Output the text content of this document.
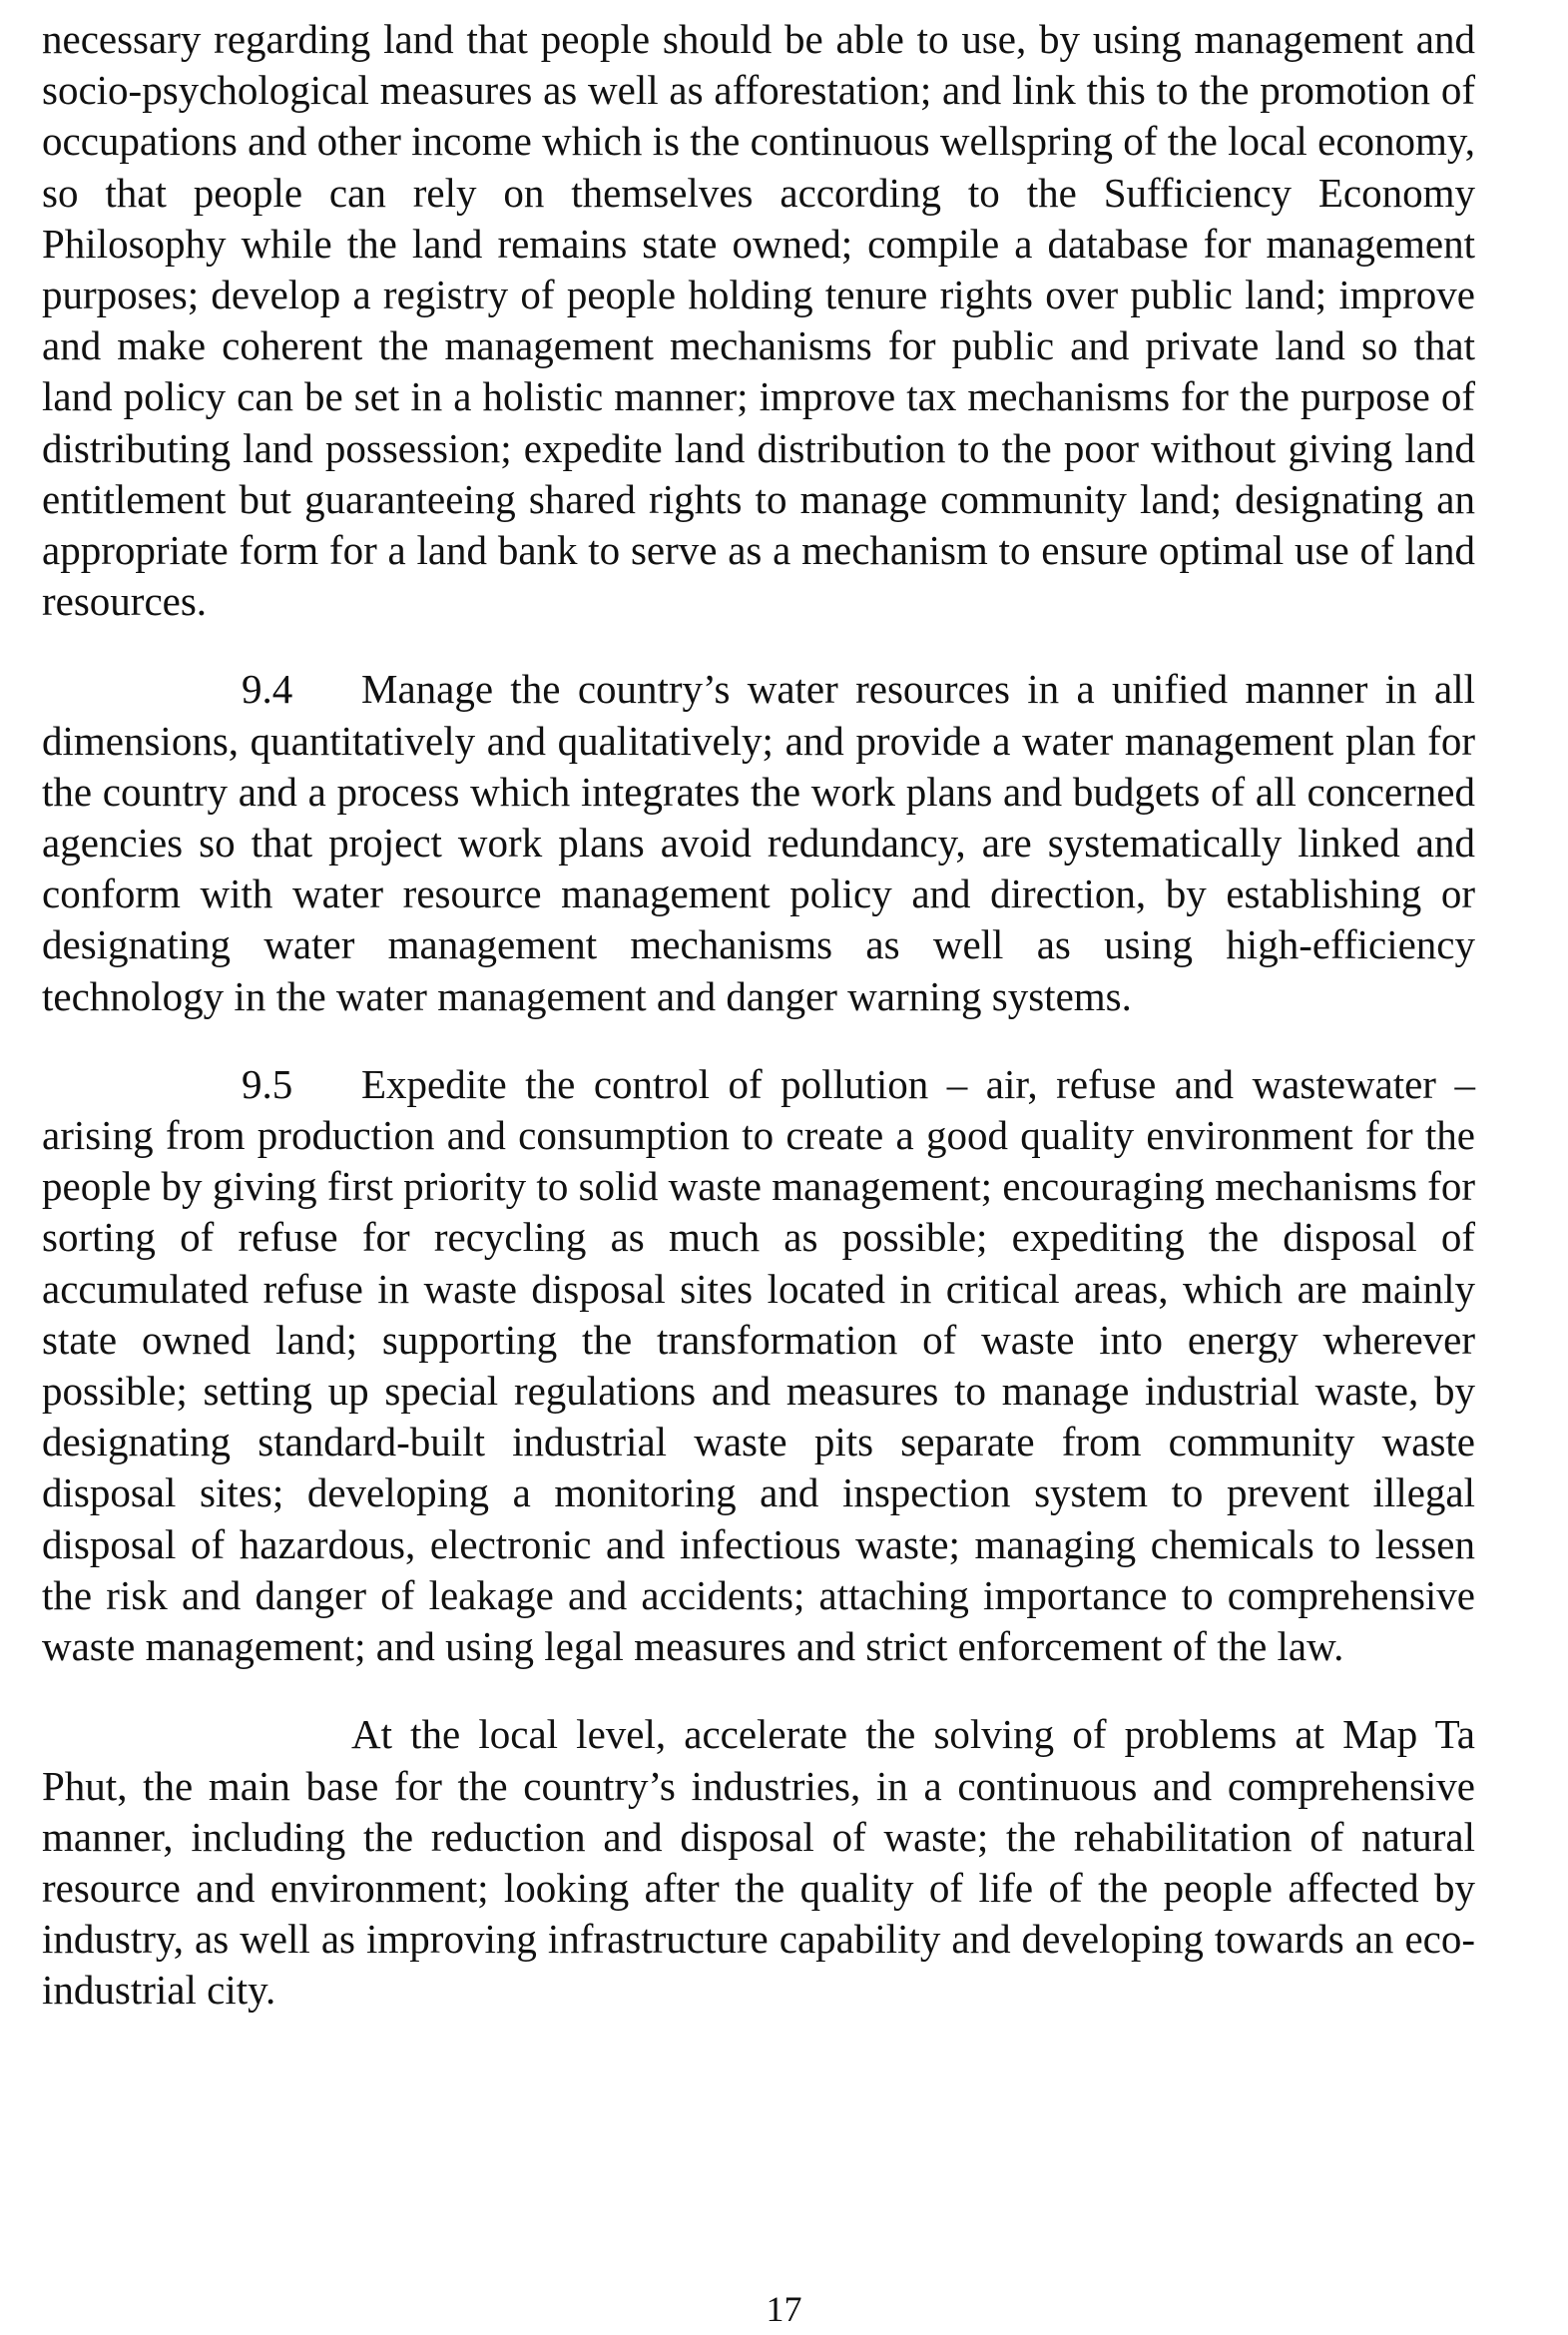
necessary regarding land that people should be able to use, by using management and socio-psychological measures as well as afforestation; and link this to the promotion of occupations and other income which is the continuous wellspring of the local economy, so that people can rely on themselves according to the Sufficiency Economy Philosophy while the land remains state owned; compile a database for management purposes; develop a registry of people holding tenure rights over public land; improve and make coherent the management mechanisms for public and private land so that land policy can be set in a holistic manner; improve tax mechanisms for the purpose of distributing land possession; expedite land distribution to the poor without giving land entitlement but guaranteeing shared rights to manage community land; designating an appropriate form for a land bank to serve as a mechanism to ensure optimal use of land resources.

9.4 Manage the country’s water resources in a unified manner in all dimensions, quantitatively and qualitatively; and provide a water management plan for the country and a process which integrates the work plans and budgets of all concerned agencies so that project work plans avoid redundancy, are systematically linked and conform with water resource management policy and direction, by establishing or designating water management mechanisms as well as using high-efficiency technology in the water management and danger warning systems.

9.5 Expedite the control of pollution – air, refuse and wastewater – arising from production and consumption to create a good quality environment for the people by giving first priority to solid waste management; encouraging mechanisms for sorting of refuse for recycling as much as possible; expediting the disposal of accumulated refuse in waste disposal sites located in critical areas, which are mainly state owned land; supporting the transformation of waste into energy wherever possible; setting up special regulations and measures to manage industrial waste, by designating standard-built industrial waste pits separate from community waste disposal sites; developing a monitoring and inspection system to prevent illegal disposal of hazardous, electronic and infectious waste; managing chemicals to lessen the risk and danger of leakage and accidents; attaching importance to comprehensive waste management; and using legal measures and strict enforcement of the law.

At the local level, accelerate the solving of problems at Map Ta Phut, the main base for the country’s industries, in a continuous and comprehensive manner, including the reduction and disposal of waste; the rehabilitation of natural resource and environment; looking after the quality of life of the people affected by industry, as well as improving infrastructure capability and developing towards an eco-industrial city.

17
